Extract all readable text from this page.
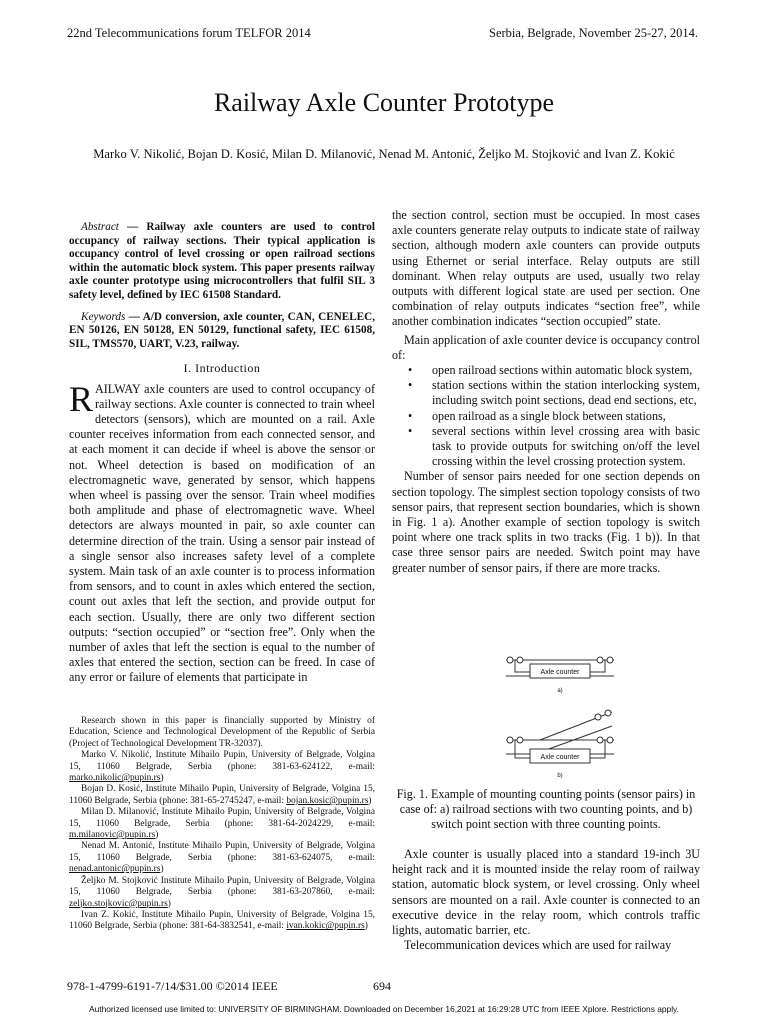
22nd Telecommunications forum TELFOR 2014	Serbia, Belgrade, November 25-27, 2014.
Railway Axle Counter Prototype
Marko V. Nikolić, Bojan D. Kosić, Milan D. Milanović, Nenad M. Antonić, Željko M. Stojković and Ivan Z. Kokić

Abstract — Railway axle counters are used to control occupancy of railway sections. Their typical application is occupancy control of level crossing or open railroad sections within the automatic block system. This paper presents railway axle counter prototype using microcontrollers that fulfil SIL 3 safety level, defined by IEC 61508 Standard.

Keywords — A/D conversion, axle counter, CAN, CENELEC, EN 50126, EN 50128, EN 50129, functional safety, IEC 61508, SIL, TMS570, UART, V.23, railway.

I. Introduction

RAILWAY axle counters are used to control occupancy of railway sections. Axle counter is connected to train wheel detectors (sensors), which are mounted on a rail. Axle counter receives information from each connected sensor, and at each moment it can decide if wheel is above the sensor or not. Wheel detection is based on modification of an electromagnetic wave, generated by sensor, which happens when wheel is passing over the sensor. Train wheel modifies both amplitude and phase of electromagnetic wave. Wheel detectors are always mounted in pair, so axle counter can determine direction of the train. Using a sensor pair instead of a single sensor also increases safety level of a complete system. Main task of an axle counter is to process information from sensors, and to count in axles which entered the section, count out axles that left the section, and provide output for each section. Usually, there are only two different section outputs: “section occupied” or “section free”. Only when the number of axles that left the section is equal to the number of axles that entered the section, section can be freed. In case of any error or failure of elements that participate in

Research shown in this paper is financially supported by Ministry of Education, Science and Technological Development of the Republic of Serbia (Project of Technological Development TR-32037).

Marko V. Nikolić, Institute Mihailo Pupin, University of Belgrade, Volgina 15, 11060 Belgrade, Serbia (phone: 381-63-624122, e-mail: marko.nikolic@pupin.rs)

Bojan D. Kosić, Institute Mihailo Pupin, University of Belgrade, Volgina 15, 11060 Belgrade, Serbia (phone: 381-65-2745247, e-mail: bojan.kosic@pupin.rs)

Milan D. Milanović, Institute Mihailo Pupin, University of Belgrade, Volgina 15, 11060 Belgrade, Serbia (phone: 381-64-2024229, e-mail: m.milanovic@pupin.rs)

Nenad M. Antonić, Institute Mihailo Pupin, University of Belgrade, Volgina 15, 11060 Belgrade, Serbia (phone: 381-63-624075, e-mail: nenad.antonic@pupin.rs)

Željko M. Stojković Institute Mihailo Pupin, University of Belgrade, Volgina 15, 11060 Belgrade, Serbia (phone: 381-63-207860, e-mail: zeljko.stojkovic@pupin.rs)

Ivan Z. Kokić, Institute Mihailo Pupin, University of Belgrade, Volgina 15, 11060 Belgrade, Serbia (phone: 381-64-3832541, e-mail: ivan.kokic@pupin.rs)

the section control, section must be occupied. In most cases axle counters generate relay outputs to indicate state of railway section, although modern axle counters can provide outputs using Ethernet or serial interface. Relay outputs are still dominant. When relay outputs are used, usually two relay outputs with different logical state are used per section. One combination of relay outputs indicates “section free”, while another combination indicates “section occupied” state.

Main application of axle counter device is occupancy control of:

• open railroad sections within automatic block system,
• station sections within the station interlocking system, including switch point sections, dead end sections, etc,
• open railroad as a single block between stations,
• several sections within level crossing area with basic task to provide outputs for switching on/off the level crossing within the level crossing protection system.

Number of sensor pairs needed for one section depends on section topology. The simplest section topology consists of two sensor pairs, that represent section boundaries, which is shown in Fig. 1 a). Another example of section topology is switch point where one track splits in two tracks (Fig. 1 b)). In that case three sensor pairs are needed. Switch point may have greater number of sensor pairs, if there are more tracks.

Axle counter
a)
Axle counter
b)
Fig. 1. Example of mounting counting points (sensor pairs) in case of: a) railroad sections with two counting points, and b) switch point section with three counting points.

Axle counter is usually placed into a standard 19-inch 3U height rack and it is mounted inside the relay room of railway station, automatic block system, or level crossing. Only wheel sensors are mounted on a rail. Axle counter is connected to an executive device in the relay room, which controls traffic lights, automatic barrier, etc.

Telecommunication devices which are used for railway

978-1-4799-6191-7/14/$31.00 ©2014 IEEE	694
Authorized licensed use limited to: UNIVERSITY OF BIRMINGHAM. Downloaded on December 16,2021 at 16:29:28 UTC from IEEE Xplore. Restrictions apply.
